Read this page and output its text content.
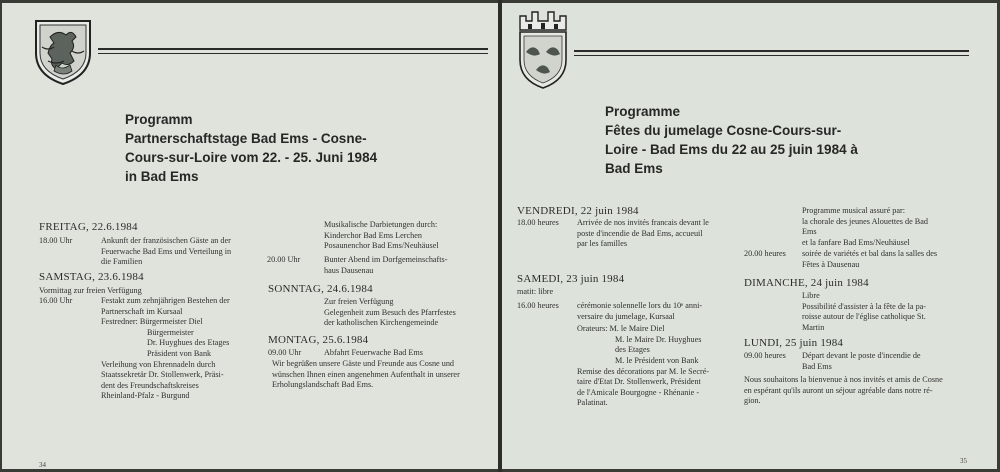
Programm
Partnerschaftstage Bad Ems - Cosne-
Cours-sur-Loire vom 22. - 25. Juni 1984
in Bad Ems
FREITAG, 22.6.1984
18.00 Uhr	Ankunft der französischen Gäste an der
Feuerwache Bad Ems und Verteilung in
die Familien
SAMSTAG, 23.6.1984
Vormittag zur freien Verfügung
16.00 Uhr	Festakt zum zehnjährigen Bestehen der
Partnerschaft im Kursaal
Festredner: Bürgermeister Diel
Bürgermeister
Dr. Huyghues des Etages
Präsident von Bank
Verleihung von Ehrennadeln durch
Staatssekretär Dr. Stollenwerk, Präsi-
dent des Freundschaftskreises
Rheinland-Pfalz - Burgund
Musikalische Darbietungen durch:
Kinderchor Bad Ems Lerchen
Posaunenchor Bad Ems/Neuhäusel
20.00 Uhr	Bunter Abend im Dorfgemeinschafts-
haus Dausenau
SONNTAG, 24.6.1984
Zur freien Verfügung
Gelegenheit zum Besuch des Pfarrfestes
der katholischen Kirchengemeinde
MONTAG, 25.6.1984
09.00 Uhr	Abfahrt Feuerwache Bad Ems
Wir begrüßen unsere Gäste und Freunde aus Cosne und
wünschen Ihnen einen angenehmen Aufenthalt in unserer
Erholungslandschaft Bad Ems.
34
Programme
Fêtes du jumelage Cosne-Cours-sur-
Loire - Bad Ems du 22 au 25 juin 1984 à
Bad Ems
VENDREDI, 22 juin 1984
18.00 heures Arrivée de nos invités francais devant le
poste d'incendie de Bad Ems, accueuil
par les familles
SAMEDI, 23 juin 1984
matit: libre
16.00 heures cérémonie solennelle lors du 10ᵉ anni-
versaire du jumelage, Kursaal
Orateurs: M. le Maire Diel
M. le Maire Dr. Huyghues
des Etages
M. le Président von Bank
Remise des décorations par M. le Secré-
taire d'Etat Dr. Stollenwerk, Président
de l'Amicale Bourgogne - Rhénanie -
Palatinat.
Programme musical assuré par:
la chorale des jeunes Alouettes de Bad
Ems
et la fanfare Bad Ems/Neuhäusel
20.00 heures soirée de variétés et bal dans la salles des
Fêtes à Dausenau
DIMANCHE, 24 juin 1984
Libre
Possibilité d'assister à la fête de la pa-
roisse autour de l'église catholique St.
Martin
LUNDI, 25 juin 1984
09.00 heures Départ devant le poste d'incendie de
Bad Ems
Nous souhaitons la bienvenue à nos invités et amis de Cosne
en espérant qu'ils auront un séjour agréable dans notre ré-
gion.
35
